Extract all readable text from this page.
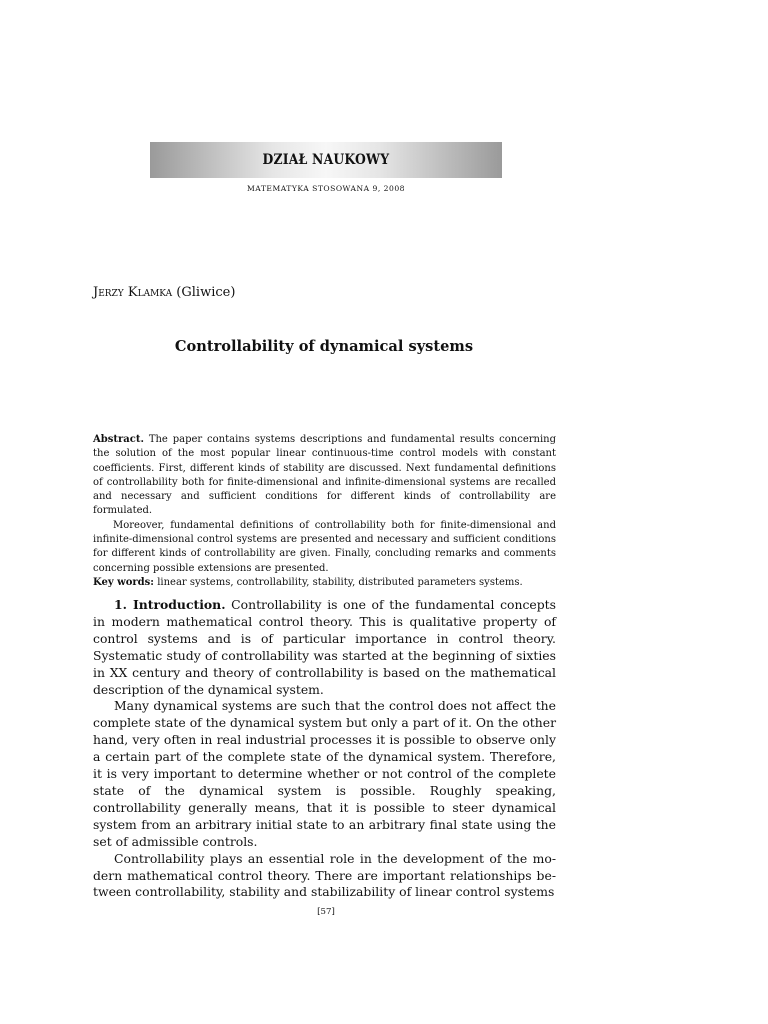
DZIAŁ NAUKOWY
MATEMATYKA STOSOWANA 9, 2008
Jerzy Klamka (Gliwice)
Controllability of dynamical systems

Abstract. The paper contains systems descriptions and fundamental results concerning the solution of the most popular linear continuous-time control models with constant coefficients. First, different kinds of stability are discussed. Next fundamental definitions of controllability both for finite-dimensional and infinite-dimensional systems are recalled and necessary and sufficient conditions for different kinds of controllability are formulated.

Moreover, fundamental definitions of controllability both for finite-dimensional and infinite-dimensional control systems are presented and necessary and sufficient conditions for different kinds of controllability are given. Finally, concluding remarks and comments concerning possible extensions are presented.

Key words: linear systems, controllability, stability, distributed parameters systems.

1. Introduction. Controllability is one of the fundamental concepts in modern mathematical control theory. This is qualitative property of control systems and is of particular importance in control theory. Systematic study of controllability was started at the beginning of sixties in XX century and theory of controllability is based on the mathematical description of the dynamical system.

Many dynamical systems are such that the control does not affect the complete state of the dynamical system but only a part of it. On the other hand, very often in real industrial processes it is possible to observe only a certain part of the complete state of the dynamical system. Therefore, it is very important to determine whether or not control of the complete state of the dynamical system is possible. Roughly speaking, controllability generally means, that it is possible to steer dynamical system from an arbitrary initial state to an arbitrary final state using the set of admissible controls.

Controllability plays an essential role in the development of the modern mathematical control theory. There are important relationships between controllability, stability and stabilizability of linear control systems

[57]
